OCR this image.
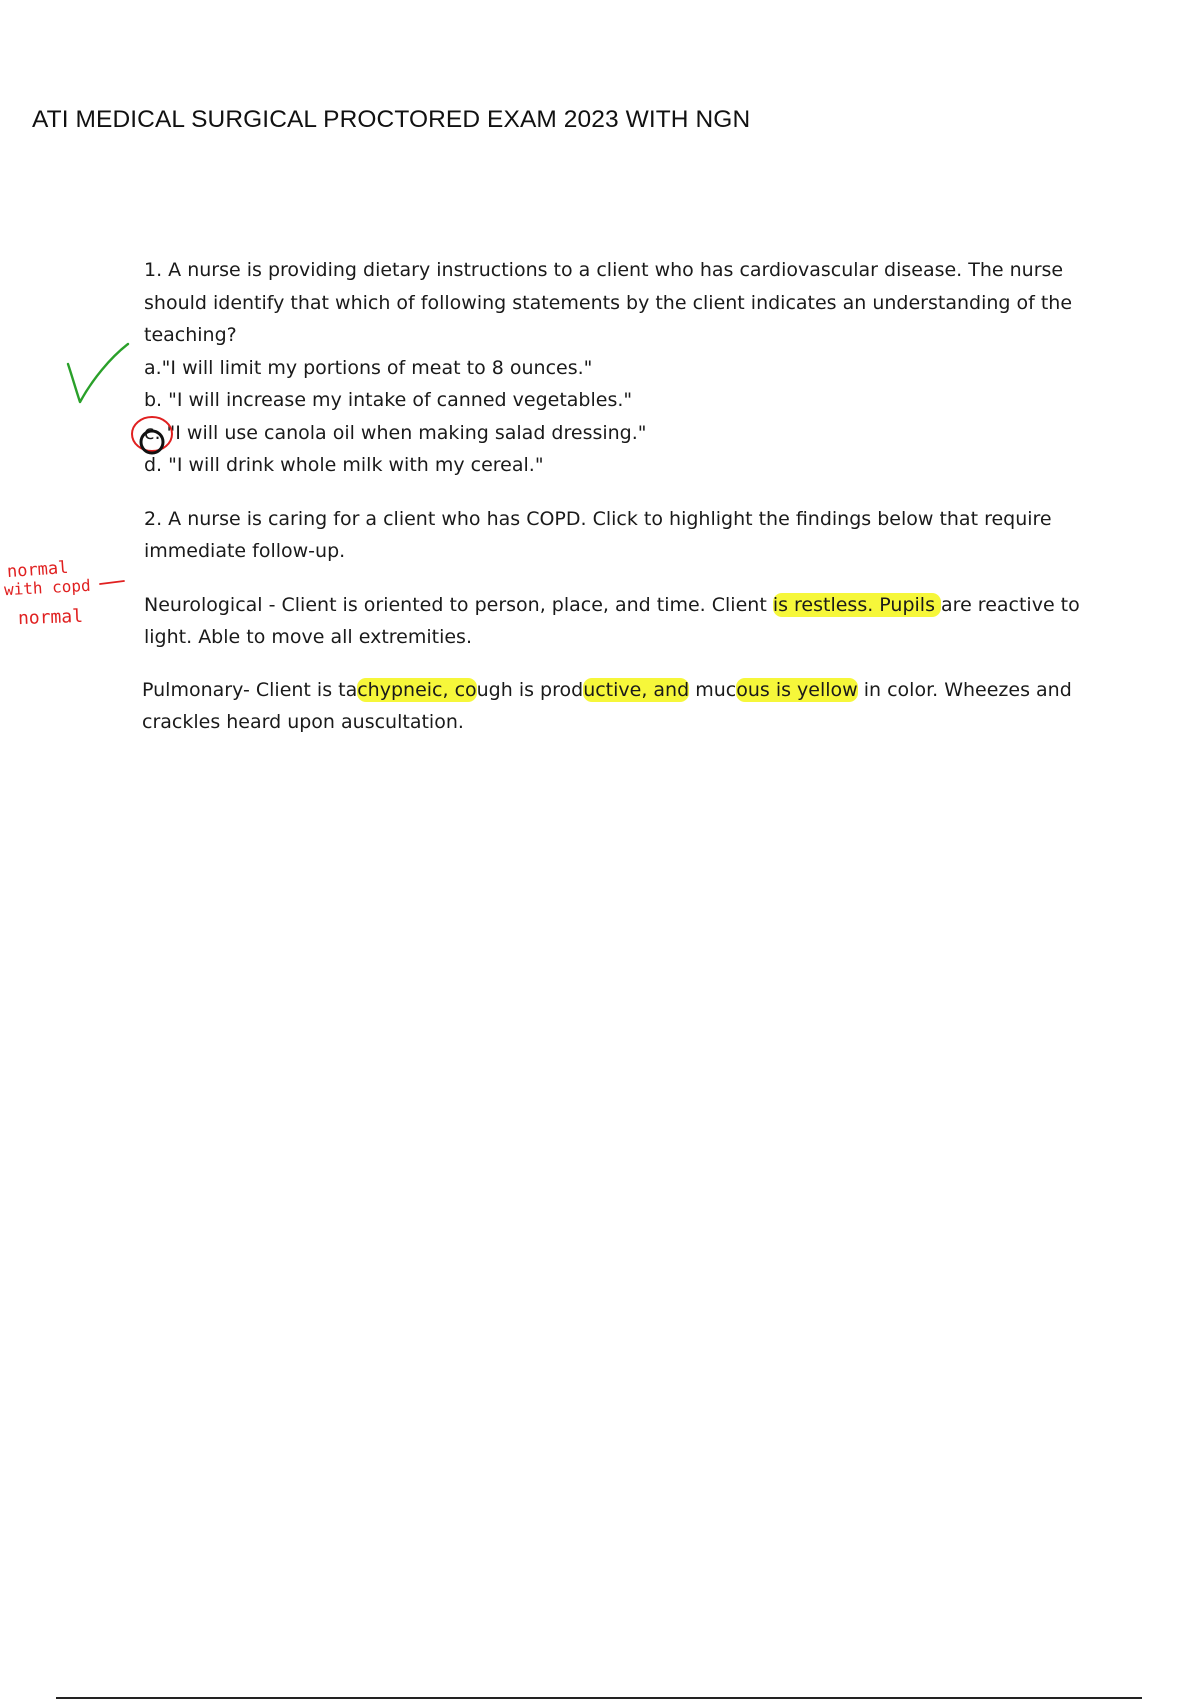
ATI MEDICAL SURGICAL PROCTORED EXAM 2023 WITH NGN

1. A nurse is providing dietary instructions to a client who has cardiovascular disease. The nurse should identify that which of following statements by the client indicates an understanding of the teaching?

a."I will limit my portions of meat to 8 ounces."
b. "I will increase my intake of canned vegetables."
c. "I will use canola oil when making salad dressing."
d. "I will drink whole milk with my cereal."

2. A nurse is caring for a client who has COPD. Click to highlight the findings below that require immediate follow-up.

Neurological - Client is oriented to person, place, and time. Client is restless. Pupils are reactive to light. Able to move all extremities.

Pulmonary- Client is tachypneic, cough is productive, and mucous is yellow in color. Wheezes and crackles heard upon auscultation.

normal
with copd
normal
